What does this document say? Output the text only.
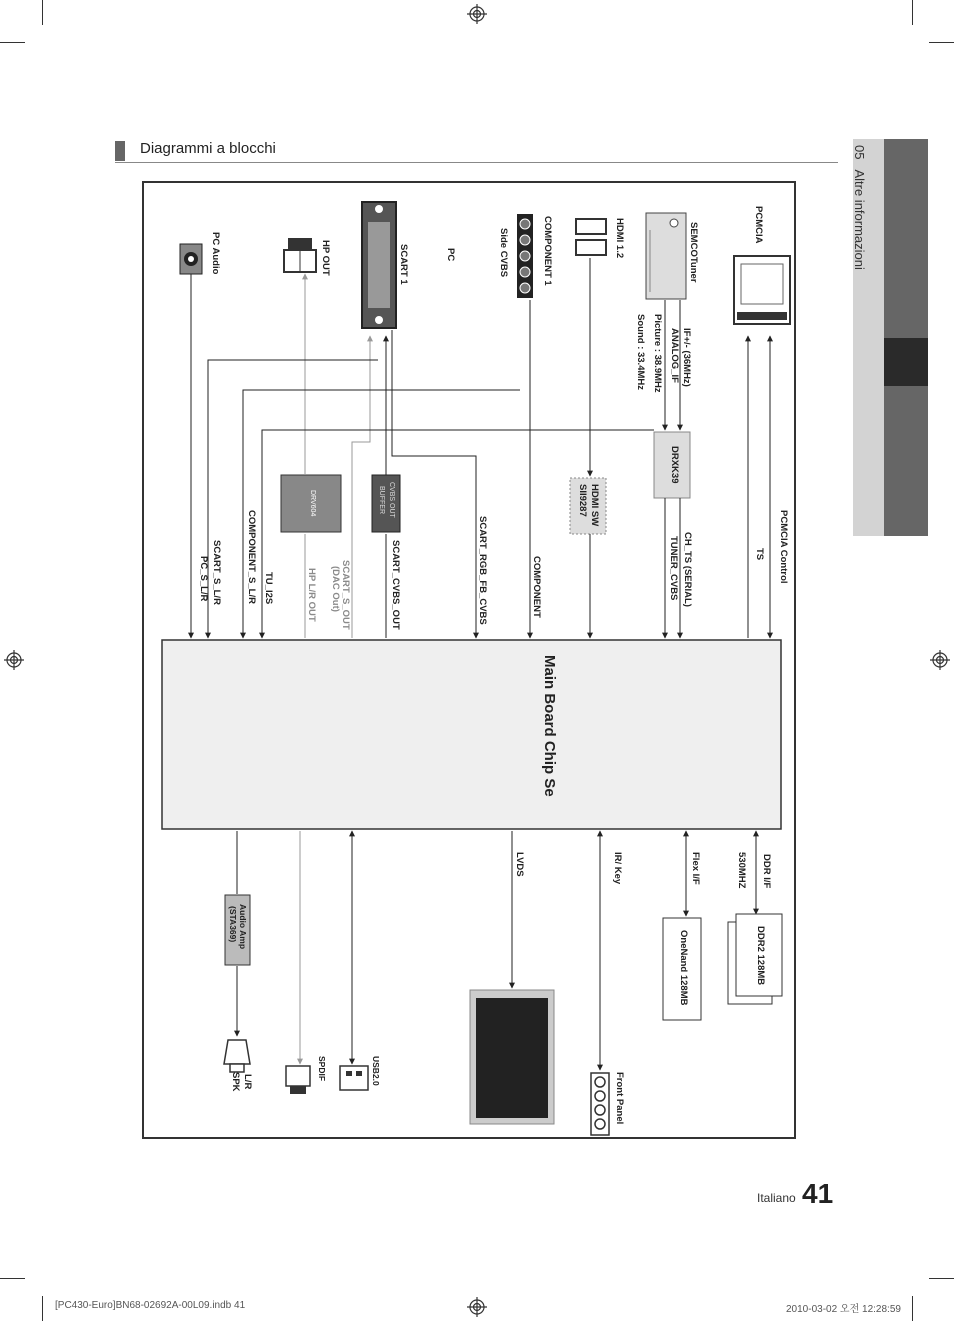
Diagrammi a blocchi	05Altre informazioni
PCMCIA
SEMCOTuner
HDMI 1.2
COMPONENT 1
Side CVBS
PC
SCART 1
HP OUT
PC Audio
IF+/- (36MHz)
ANALOG_IF
Picture : 38.9MHz
Sound : 33.4MHz
DRXK39
HDMI SW
SII9287
CVBS OUT
BUFFER
DRV604
Audio Amp
(STA369)
DDR2 128MB
OneNand 128MB
Main Board Chip Se
PCMCIA Control
TS
CH_TS (SERIAL)
TUNER_CVBS
COMPONENT
SCART_RGB_FB_CVBS
SCART_CVBS_OUT
SCART_S_OUT
(DAC Out)
HP L/R OUT
TU_I2S
COMPONENT_S_L/R
SCART_S_L/R
PC_S_L/R
DDR I/F
530MHZ
Flex I/F
IR/ Key
LVDS
Front Panel
USB2.0
SPDIF
L/R
SPK
Italiano 41
[PC430-Euro]BN68-02692A-00L09.indb 41	2010-03-02 오전 12:28:59
